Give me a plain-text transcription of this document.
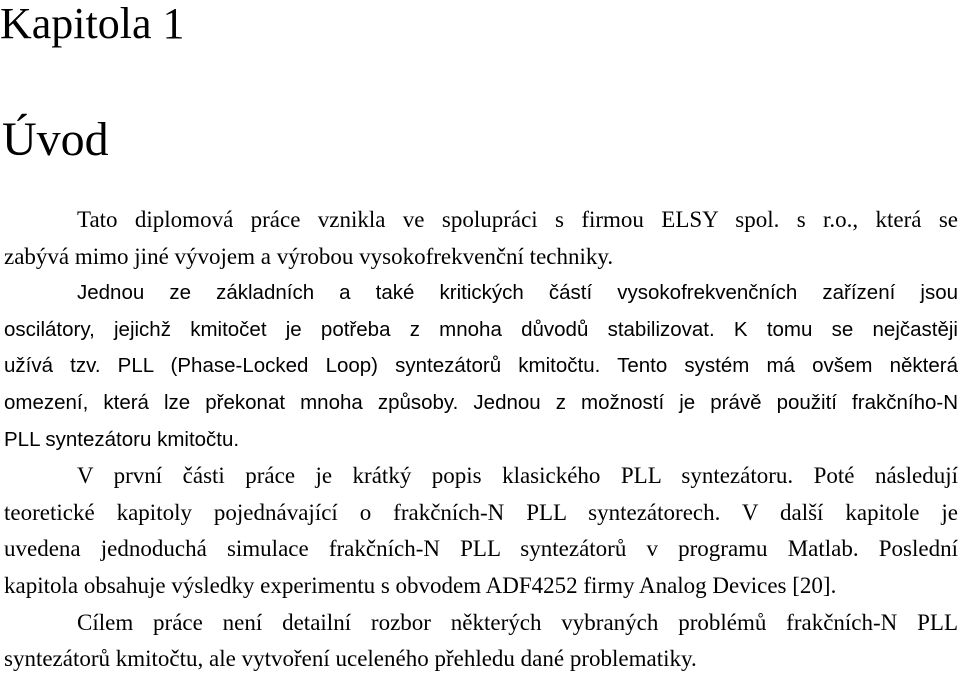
Kapitola 1
Úvod
Tato diplomová práce vznikla ve spolupráci s firmou ELSY spol. s r.o., která se
zabývá mimo jiné vývojem a výrobou vysokofrekvenční techniky.
Jednou ze základních a také kritických částí vysokofrekvenčních zařízení jsou
oscilátory, jejichž kmitočet je potřeba z mnoha důvodů stabilizovat. K tomu se nejčastěji
užívá tzv. PLL (Phase-Locked Loop) syntezátorů kmitočtu. Tento systém má ovšem některá
omezení, která lze překonat mnoha způsoby. Jednou z možností je právě použití frakčního-N
PLL syntezátoru kmitočtu.
V první části práce je krátký popis klasického PLL syntezátoru. Poté následují
teoretické kapitoly pojednávající o frakčních-N PLL syntezátorech. V další kapitole je
uvedena jednoduchá simulace frakčních-N PLL syntezátorů v programu Matlab. Poslední
kapitola obsahuje výsledky experimentu s obvodem ADF4252 firmy Analog Devices [20].
Cílem práce není detailní rozbor některých vybraných problémů frakčních-N PLL
syntezátorů kmitočtu, ale vytvoření uceleného přehledu dané problematiky.
